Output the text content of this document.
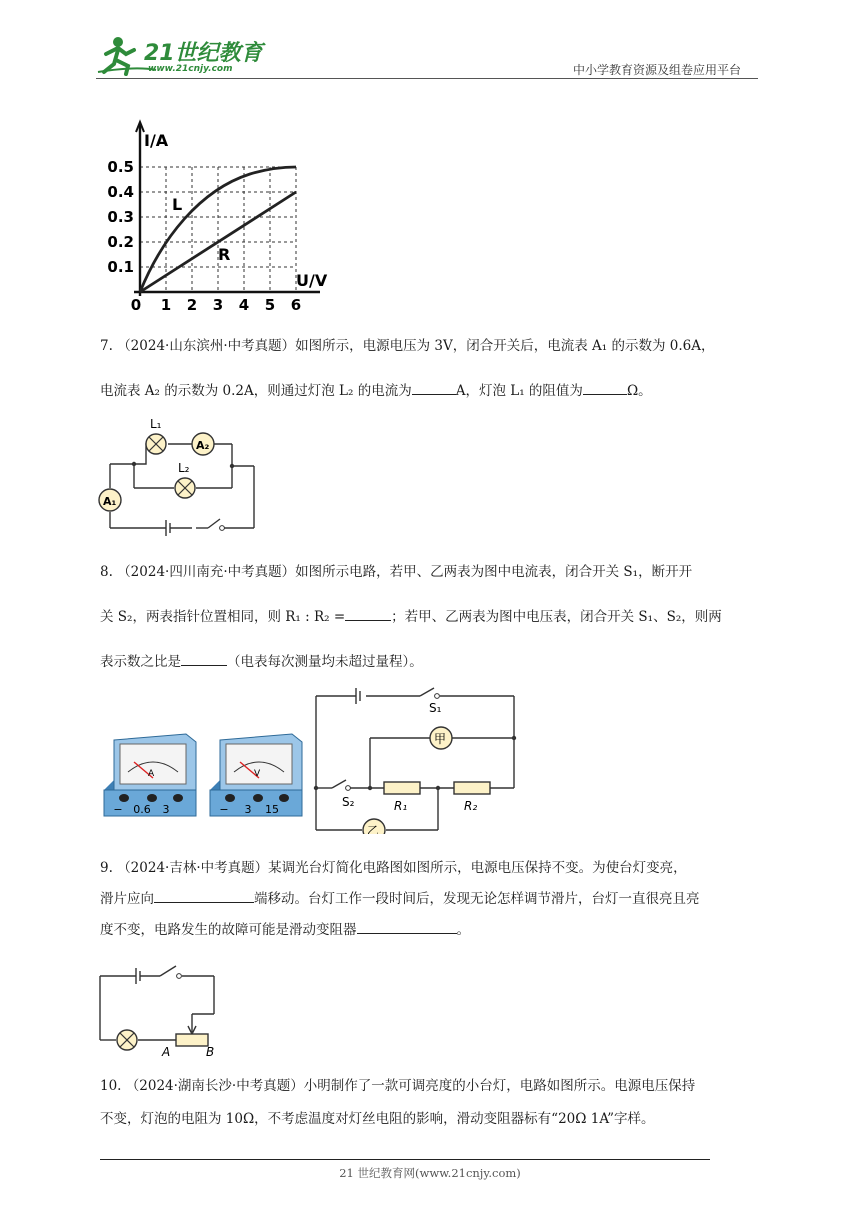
21世纪教育
www.21cnjy.com	中小学教育资源及组卷应用平台
I/A
U/V
L
R
0.5
0.4
0.3
0.2
0.1
0 1 2 3 4 5 6
7. （2024·山东滨州·中考真题）如图所示，电源电压为 3V，闭合开关后，电流表 A₁ 的示数为 0.6A，
电流表 A₂ 的示数为 0.2A，则通过灯泡 L₂ 的电流为	A，灯泡 L₁ 的阻值为	Ω。
L₁
A₂
L₂
A₁
8. （2024·四川南充·中考真题）如图所示电路，若甲、乙两表为图中电流表，闭合开关 S₁，断开开
关 S₂，两表指针位置相同，则 R₁ : R₂ =	；若甲、乙两表为图中电压表，闭合开关 S₁、S₂，则两
表示数之比是	（电表每次测量均未超过量程）。
A
− 0.6 3
V
− 3 15
甲
乙
S₁
S₂	R₁	R₂
9. （2024·吉林·中考真题）某调光台灯简化电路图如图所示，电源电压保持不变。为使台灯变亮，
滑片应向	端移动。台灯工作一段时间后，发现无论怎样调节滑片，台灯一直很亮且亮
度不变，电路发生的故障可能是滑动变阻器	。
A	B
10. （2024·湖南长沙·中考真题）小明制作了一款可调亮度的小台灯，电路如图所示。电源电压保持
不变，灯泡的电阻为 10Ω，不考虑温度对灯丝电阻的影响，滑动变阻器标有“20Ω 1A”字样。
21 世纪教育网(www.21cnjy.com)
